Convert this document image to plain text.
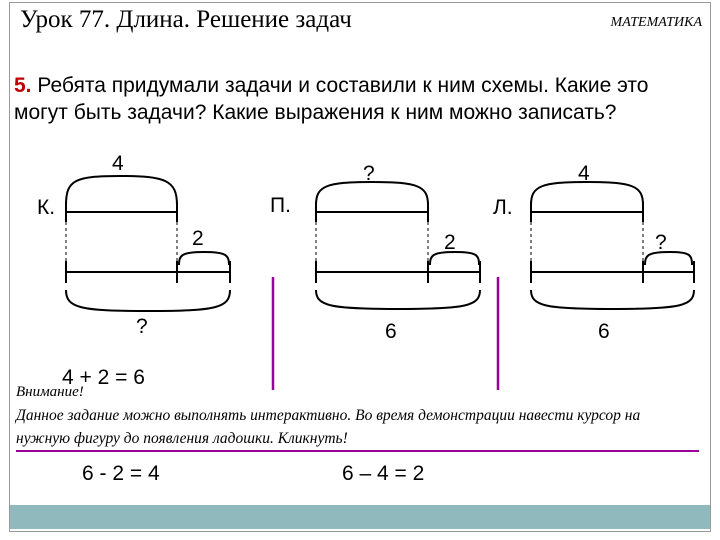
Урок 77. Длина. Решение задач	МАТЕМАТИКА
5. Ребята придумали задачи и составили к ним схемы. Какие это могут быть задачи? Какие выражения к ним можно записать?
К.
4
2
?
П.
?
2
6
Л.
4
?
6
4 + 2 = 6
Внимание!
Данное задание можно выполнять интерактивно. Во время демонстрации навести курсор на нужную фигуру до появления ладошки. Кликнуть!
6 - 2 = 4	6 – 4 = 2
